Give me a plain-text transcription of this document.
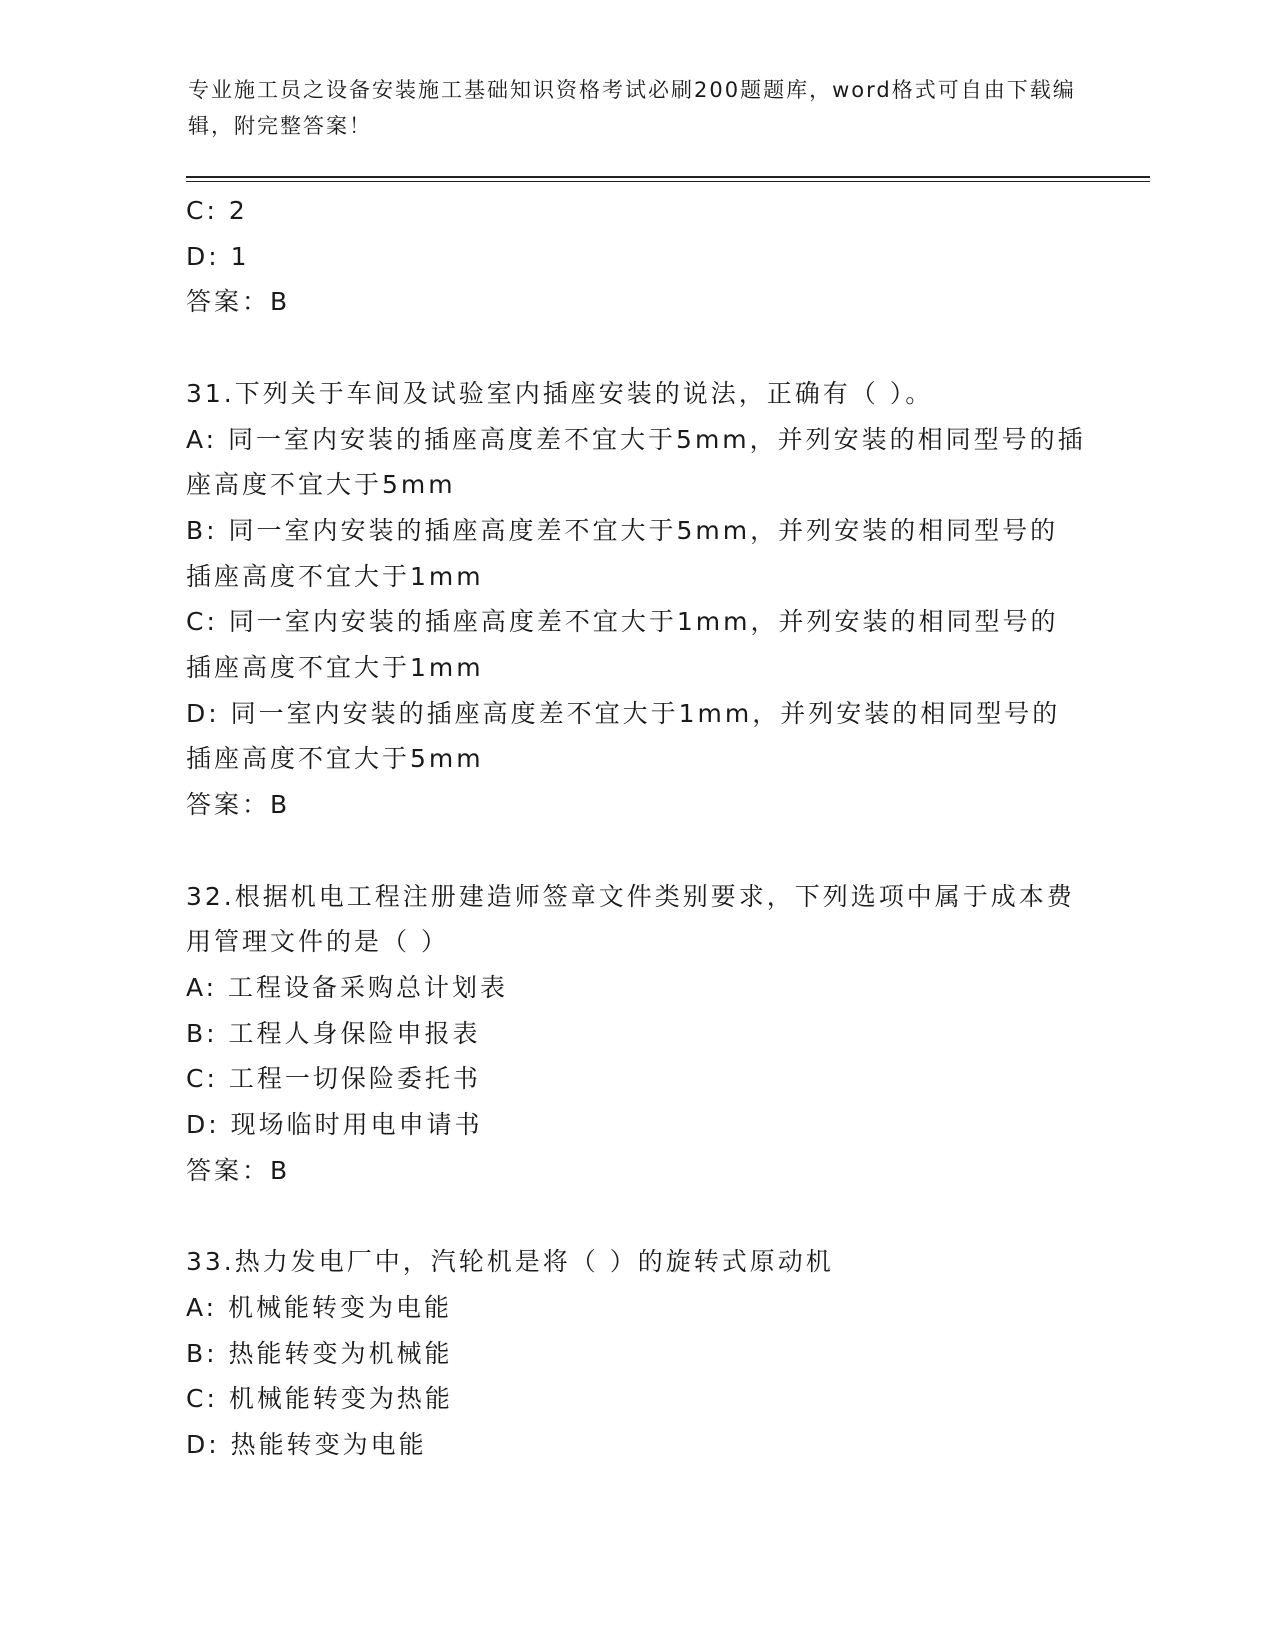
专业施工员之设备安装施工基础知识资格考试必刷200题题库，word格式可自由下载编辑，附完整答案！

C: 2

D: 1

答案：B

31.下列关于车间及试验室内插座安装的说法，正确有（ ）。

A: 同一室内安装的插座高度差不宜大于5mm，并列安装的相同型号的插座高度不宜大于5mm

B: 同一室内安装的插座高度差不宜大于5mm，并列安装的相同型号的插座高度不宜大于1mm

C: 同一室内安装的插座高度差不宜大于1mm，并列安装的相同型号的插座高度不宜大于1mm

D: 同一室内安装的插座高度差不宜大于1mm，并列安装的相同型号的插座高度不宜大于5mm

答案：B

32.根据机电工程注册建造师签章文件类别要求，下列选项中属于成本费用管理文件的是（ ）

A: 工程设备采购总计划表

B: 工程人身保险申报表

C: 工程一切保险委托书

D: 现场临时用电申请书

答案：B

33.热力发电厂中，汽轮机是将（ ）的旋转式原动机

A: 机械能转变为电能

B: 热能转变为机械能

C: 机械能转变为热能

D: 热能转变为电能
